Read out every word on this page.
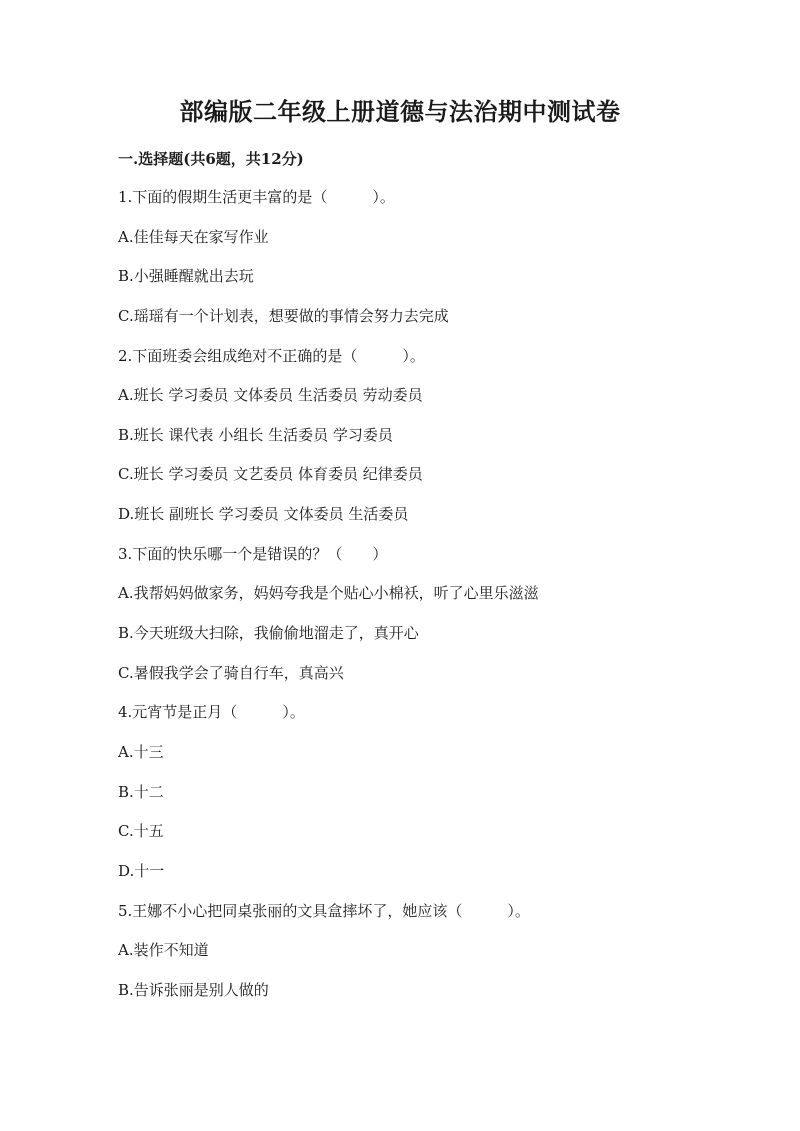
部编版二年级上册道德与法治期中测试卷
一.选择题(共6题，共12分)
1.下面的假期生活更丰富的是（　　　）。
A.佳佳每天在家写作业
B.小强睡醒就出去玩
C.瑶瑶有一个计划表，想要做的事情会努力去完成
2.下面班委会组成绝对不正确的是（　　　）。
A.班长 学习委员 文体委员 生活委员 劳动委员
B.班长 课代表 小组长 生活委员 学习委员
C.班长 学习委员 文艺委员 体育委员 纪律委员
D.班长 副班长 学习委员 文体委员 生活委员
3.下面的快乐哪一个是错误的？（　　）
A.我帮妈妈做家务，妈妈夸我是个贴心小棉袄，听了心里乐滋滋
B.今天班级大扫除，我偷偷地溜走了，真开心
C.暑假我学会了骑自行车，真高兴
4.元宵节是正月（　　　）。
A.十三
B.十二
C.十五
D.十一
5.王娜不小心把同桌张丽的文具盒摔坏了，她应该（　　　）。
A.装作不知道
B.告诉张丽是别人做的
